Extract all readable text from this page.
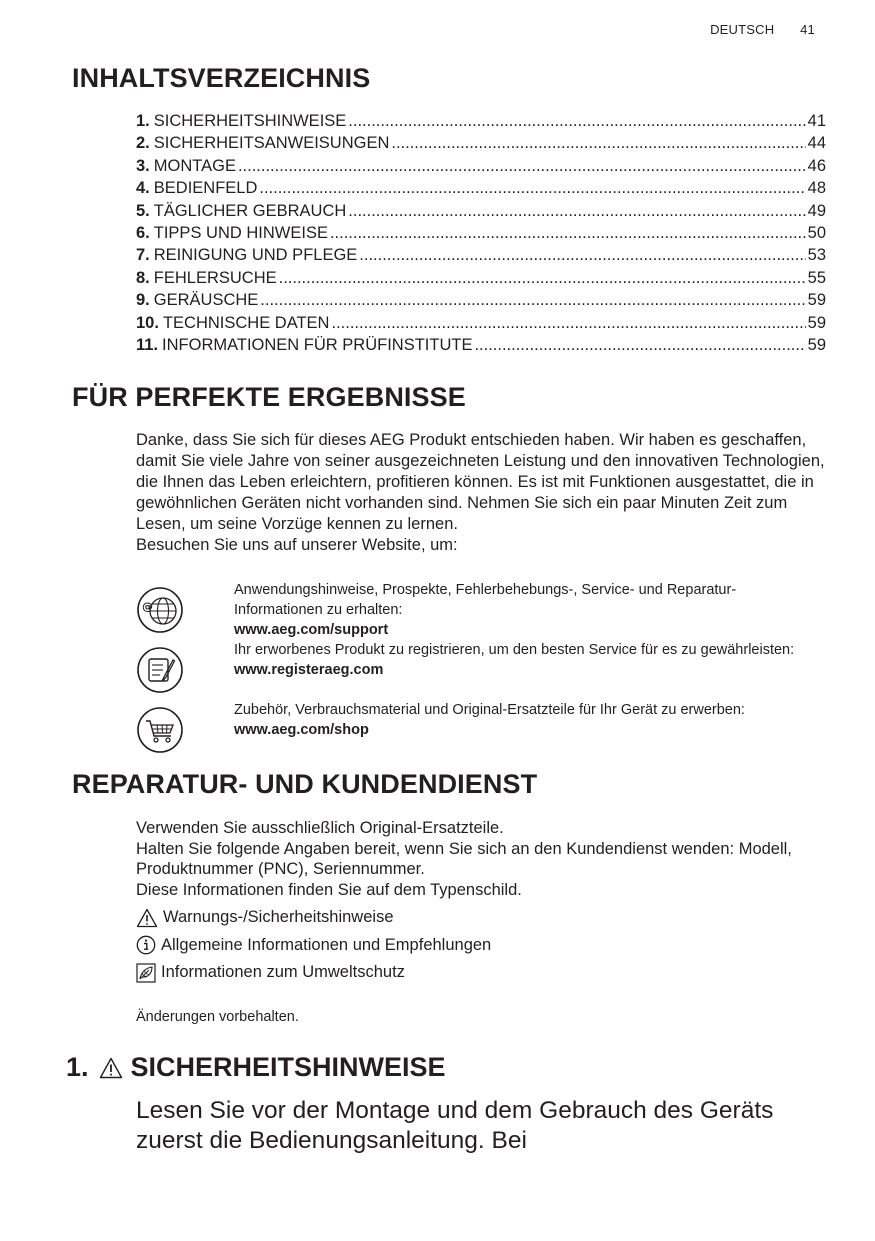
DEUTSCH 41
INHALTSVERZEICHNIS
1. SICHERHEITSHINWEISE .....	41
2. SICHERHEITSANWEISUNGEN .....	44
3. MONTAGE .....	46
4. BEDIENFELD .....	48
5. TÄGLICHER GEBRAUCH .....	49
6. TIPPS UND HINWEISE .....	50
7. REINIGUNG UND PFLEGE .....	53
8. FEHLERSUCHE .....	55
9. GERÄUSCHE .....	59
10. TECHNISCHE DATEN .....	59
11. INFORMATIONEN FÜR PRÜFINSTITUTE .....	59
FÜR PERFEKTE ERGEBNISSE

Danke, dass Sie sich für dieses AEG Produkt entschieden haben. Wir haben es geschaffen, damit Sie viele Jahre von seiner ausgezeichneten Leistung und den innovativen Technologien, die Ihnen das Leben erleichtern, profitieren können. Es ist mit Funktionen ausgestattet, die in gewöhnlichen Geräten nicht vorhanden sind. Nehmen Sie sich ein paar Minuten Zeit zum Lesen, um seine Vorzüge kennen zu lernen.

Besuchen Sie uns auf unserer Website, um:

@
Anwendungshinweise, Prospekte, Fehlerbehebungs-, Service- und Reparatur-Informationen zu erhalten:
www.aeg.com/support
Ihr erworbenes Produkt zu registrieren, um den besten Service für es zu gewährleisten:
www.registeraeg.com
Zubehör, Verbrauchsmaterial und Original-Ersatzteile für Ihr Gerät zu erwerben:
www.aeg.com/shop
REPARATUR- UND KUNDENDIENST

Verwenden Sie ausschließlich Original-Ersatzteile.

Halten Sie folgende Angaben bereit, wenn Sie sich an den Kundendienst wenden: Modell, Produktnummer (PNC), Seriennummer.

Diese Informationen finden Sie auf dem Typenschild.

Warnungs-/Sicherheitshinweise
Allgemeine Informationen und Empfehlungen
Informationen zum Umweltschutz
Änderungen vorbehalten.
1. SICHERHEITSHINWEISE
Lesen Sie vor der Montage und dem Gebrauch des Geräts zuerst die Bedienungsanleitung. Bei
